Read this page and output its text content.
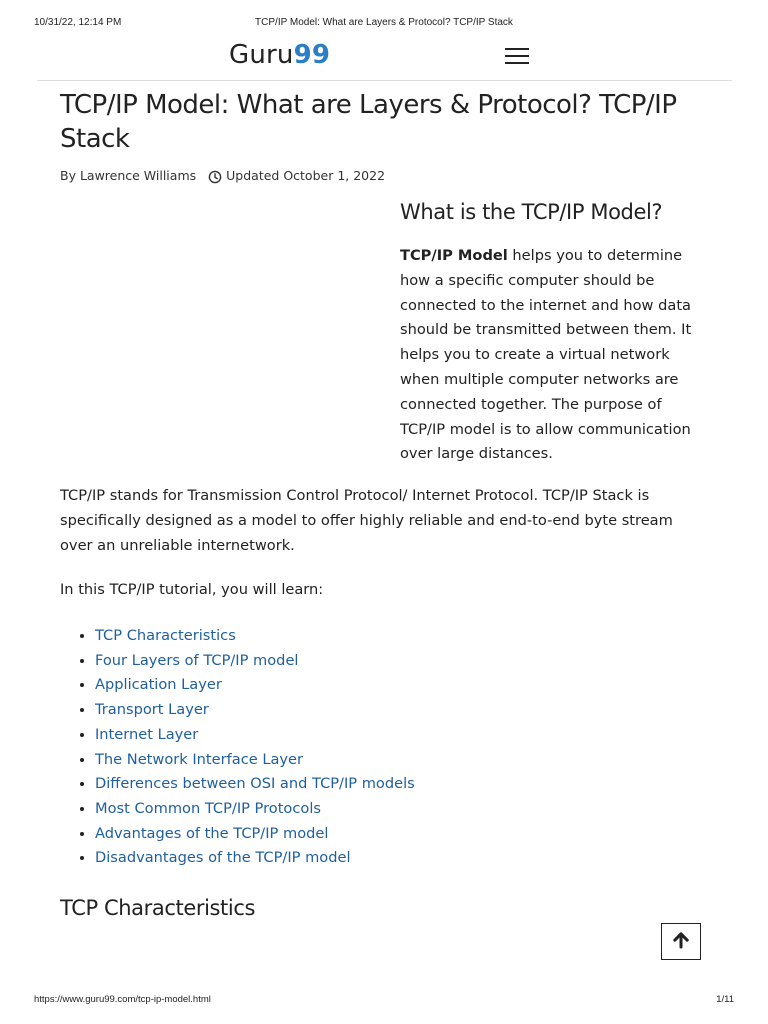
10/31/22, 12:14 PM	TCP/IP Model: What are Layers & Protocol? TCP/IP Stack
Guru99
TCP/IP Model: What are Layers & Protocol? TCP/IP Stack
By Lawrence Williams Updated October 1, 2022
What is the TCP/IP Model?

TCP/IP Model helps you to determine how a specific computer should be connected to the internet and how data should be transmitted between them. It helps you to create a virtual network when multiple computer networks are connected together. The purpose of TCP/IP model is to allow communication over large distances.

TCP/IP stands for Transmission Control Protocol/ Internet Protocol. TCP/IP Stack is specifically designed as a model to offer highly reliable and end-to-end byte stream over an unreliable internetwork.

In this TCP/IP tutorial, you will learn:

• TCP Characteristics
• Four Layers of TCP/IP model
• Application Layer
• Transport Layer
• Internet Layer
• The Network Interface Layer
• Differences between OSI and TCP/IP models
• Most Common TCP/IP Protocols
• Advantages of the TCP/IP model
• Disadvantages of the TCP/IP model
TCP Characteristics
https://www.guru99.com/tcp-ip-model.html	1/11
